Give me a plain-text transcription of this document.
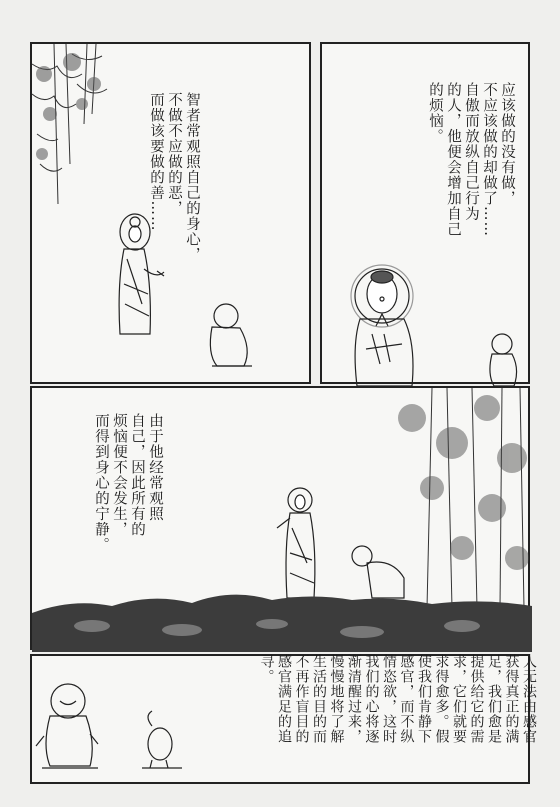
智者常观照自己的身心，
不做不应做的恶，
而做该要做的善……	应该做的没有做，
不应该做的却做了……
自傲而放纵自己行为
的人，他便会增加自己
的烦恼。
由于他经常观照
自己，因此所有的
烦恼便不会发生，
而得到身心的宁静。
人无法由感官
获得真正的满
足，我们愈是
提供给它的需
求，它们就要
求得愈多。假
使我们肯静下
感官，而不纵
情恣欲，这时
我们的心将逐
渐清醒过来，
慢慢地将了解
生活的目的而
不再作盲目的
感官满足的追
寻。
